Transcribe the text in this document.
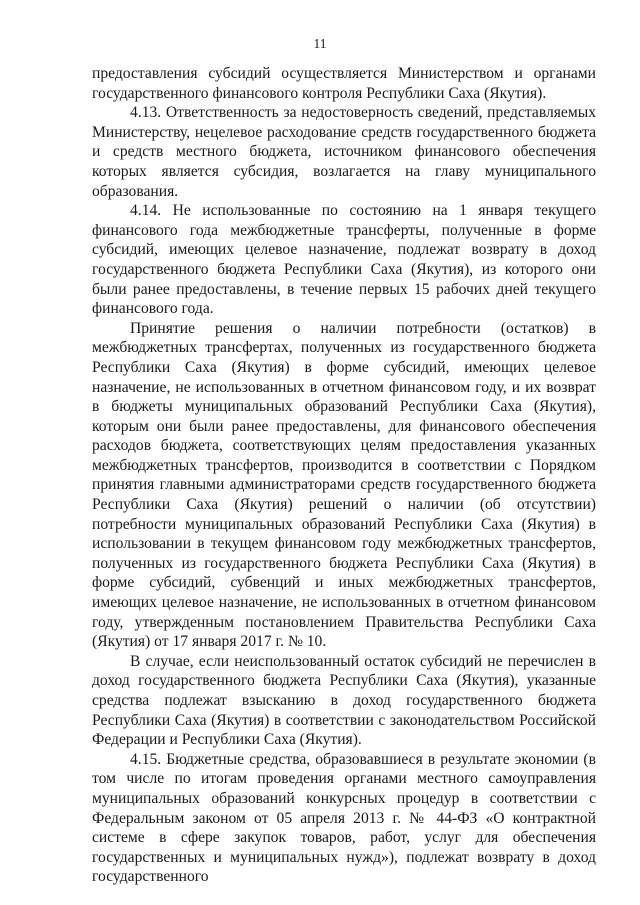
11

предоставления субсидий осуществляется Министерством и органами государственного финансового контроля Республики Саха (Якутия).

4.13. Ответственность за недостоверность сведений, представляемых Министерству, нецелевое расходование средств государственного бюджета и средств местного бюджета, источником финансового обеспечения которых является субсидия, возлагается на главу муниципального образования.

4.14. Не использованные по состоянию на 1 января текущего финансового года межбюджетные трансферты, полученные в форме субсидий, имеющих целевое назначение, подлежат возврату в доход государственного бюджета Республики Саха (Якутия), из которого они были ранее предоставлены, в течение первых 15 рабочих дней текущего финансового года.

Принятие решения о наличии потребности (остатков) в межбюджетных трансфертах, полученных из государственного бюджета Республики Саха (Якутия) в форме субсидий, имеющих целевое назначение, не использованных в отчетном финансовом году, и их возврат в бюджеты муниципальных образований Республики Саха (Якутия), которым они были ранее предоставлены, для финансового обеспечения расходов бюджета, соответствующих целям предоставления указанных межбюджетных трансфертов, производится в соответствии с Порядком принятия главными администраторами средств государственного бюджета Республики Саха (Якутия) решений о наличии (об отсутствии) потребности муниципальных образований Республики Саха (Якутия) в использовании в текущем финансовом году межбюджетных трансфертов, полученных из государственного бюджета Республики Саха (Якутия) в форме субсидий, субвенций и иных межбюджетных трансфертов, имеющих целевое назначение, не использованных в отчетном финансовом году, утвержденным постановлением Правительства Республики Саха (Якутия) от 17 января 2017 г. № 10.

В случае, если неиспользованный остаток субсидий не перечислен в доход государственного бюджета Республики Саха (Якутия), указанные средства подлежат взысканию в доход государственного бюджета Республики Саха (Якутия) в соответствии с законодательством Российской Федерации и Республики Саха (Якутия).

4.15. Бюджетные средства, образовавшиеся в результате экономии (в том числе по итогам проведения органами местного самоуправления муниципальных образований конкурсных процедур в соответствии с Федеральным законом от 05 апреля 2013 г. № 44-ФЗ «О контрактной системе в сфере закупок товаров, работ, услуг для обеспечения государственных и муниципальных нужд»), подлежат возврату в доход государственного
